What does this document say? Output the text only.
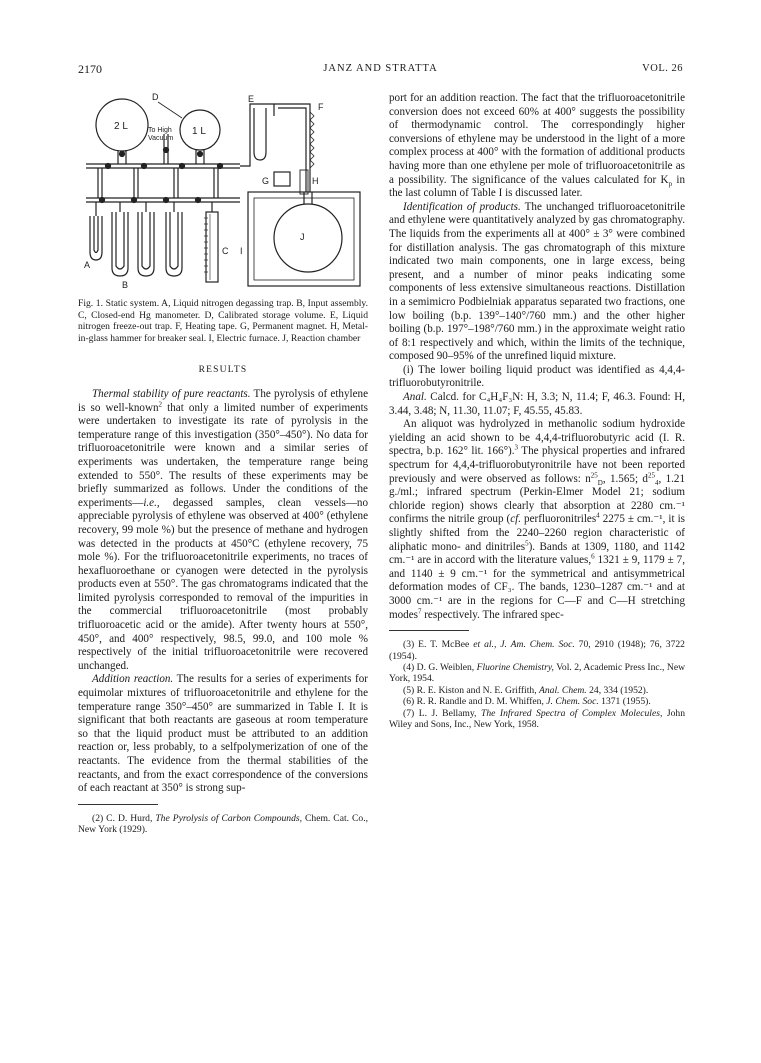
2170	JANZ AND STRATTA	VOL. 26
D	E
F
G	H
C I
J
A
B
2 L	1 L
To High
Vacuum
Fig. 1. Static system. A, Liquid nitrogen degassing trap. B, Input assembly. C, Closed-end Hg manometer. D, Calibrated storage volume. E, Liquid nitrogen freeze-out trap. F, Heating tape. G, Permanent magnet. H, Metal-in-glass hammer for breaker seal. I, Electric furnace. J, Reaction chamber
RESULTS

Thermal stability of pure reactants. The pyrolysis of ethylene is so well-known$^2$ that only a limited number of experiments were undertaken to investigate its rate of pyrolysis in the temperature range of this investigation (350°–450°). No data for trifluoroacetonitrile were known and a similar series of experiments was undertaken, the temperature range being extended to 550°. The results of these experiments may be briefly summarized as follows. Under the conditions of the experiments—i.e., degassed samples, clean vessels—no appreciable pyrolysis of ethylene was observed at 400° (ethylene recovery, 99 mole %) but the presence of methane and hydrogen was detected in the products at 450°C (ethylene recovery, 75 mole %). For the trifluoroacetonitrile experiments, no traces of hexafluoroethane or cyanogen were detected in the pyrolysis products even at 550°. The gas chromatograms indicated that the limited pyrolysis corresponded to removal of the impurities in the commercial trifluoroacetonitrile (most probably trifluoroacetic acid or the amide). After twenty hours at 550°, 450°, and 400° respectively, 98.5, 99.0, and 100 mole % respectively of the initial trifluoroacetonitrile were recovered unchanged.

Addition reaction. The results for a series of experiments for equimolar mixtures of trifluoroacetonitrile and ethylene for the temperature range 350°–450° are summarized in Table I. It is significant that both reactants are gaseous at room temperature so that the liquid product must be attributed to an addition reaction or, less probably, to a selfpolymerization of one of the reactants. The evidence from the thermal stabilities of the reactants, and from the exact correspondence of the conversions of each reactant at 350° is strong sup-

(2) C. D. Hurd, The Pyrolysis of Carbon Compounds, Chem. Cat. Co., New York (1929).

port for an addition reaction. The fact that the trifluoroacetonitrile conversion does not exceed 60% at 400° suggests the possibility of thermodynamic control. The correspondingly higher conversions of ethylene may be understood in the light of a more complex process at 400° with the formation of additional products having more than one ethylene per mole of trifluoroacetonitrile as a possibility. The significance of the values calculated for $K_p$ in the last column of Table I is discussed later.

Identification of products. The unchanged trifluoroacetonitrile and ethylene were quantitatively analyzed by gas chromatography. The liquids from the experiments all at 400° ± 3° were combined for distillation analysis. The gas chromatograph of this mixture indicated two main components, one in large excess, being present, and a number of minor peaks indicating some components of less extensive simultaneous reactions. Distillation in a semimicro Podbielniak apparatus separated two fractions, one low boiling (b.p. 139°–140°/760 mm.) and the other higher boiling (b.p. 197°–198°/760 mm.) in the approximate weight ratio of 8:1 respectively and which, within the limits of the technique, composed 90–95% of the unrefined liquid mixture.

(i) The lower boiling liquid product was identified as 4,4,4-trifluorobutyronitrile.

Anal. Calcd. for C₄H₄F₃N: H, 3.3; N, 11.4; F, 46.3. Found: H, 3.44, 3.48; N, 11.30, 11.07; F, 45.55, 45.83.

An aliquot was hydrolyzed in methanolic sodium hydroxide yielding an acid shown to be 4,4,4-trifluorobutyric acid (I. R. spectra, b.p. 162° lit. 166°).$^3$ The physical properties and infrared spectrum for 4,4,4-trifluorobutyronitrile have not been reported previously and were observed as follows: $n^{25}_D$, 1.565; $d^{25}_4$, 1.21 g./ml.; infrared spectrum (Perkin-Elmer Model 21; sodium chloride region) shows clearly that absorption at 2280 cm.⁻¹ confirms the nitrile group (cf. perfluoronitriles$^4$ 2275 ± cm.⁻¹, it is slightly shifted from the 2240–2260 region characteristic of aliphatic mono- and dinitriles$^5$). Bands at 1309, 1180, and 1142 cm.⁻¹ are in accord with the literature values,$^6$ 1321 ± 9, 1179 ± 7, and 1140 ± 9 cm.⁻¹ for the symmetrical and antisymmetrical deformation modes of CF₃. The bands, 1230–1287 cm.⁻¹ and at 3000 cm.⁻¹ are in the regions for C—F and C—H stretching modes$^7$ respectively. The infrared spec-

(3) E. T. McBee et al., J. Am. Chem. Soc. 70, 2910 (1948); 76, 3722 (1954).

(4) D. G. Weiblen, Fluorine Chemistry, Vol. 2, Academic Press Inc., New York, 1954.

(5) R. E. Kiston and N. E. Griffith, Anal. Chem. 24, 334 (1952).

(6) R. R. Randle and D. M. Whiffen, J. Chem. Soc. 1371 (1955).

(7) L. J. Bellamy, The Infrared Spectra of Complex Molecules, John Wiley and Sons, Inc., New York, 1958.
